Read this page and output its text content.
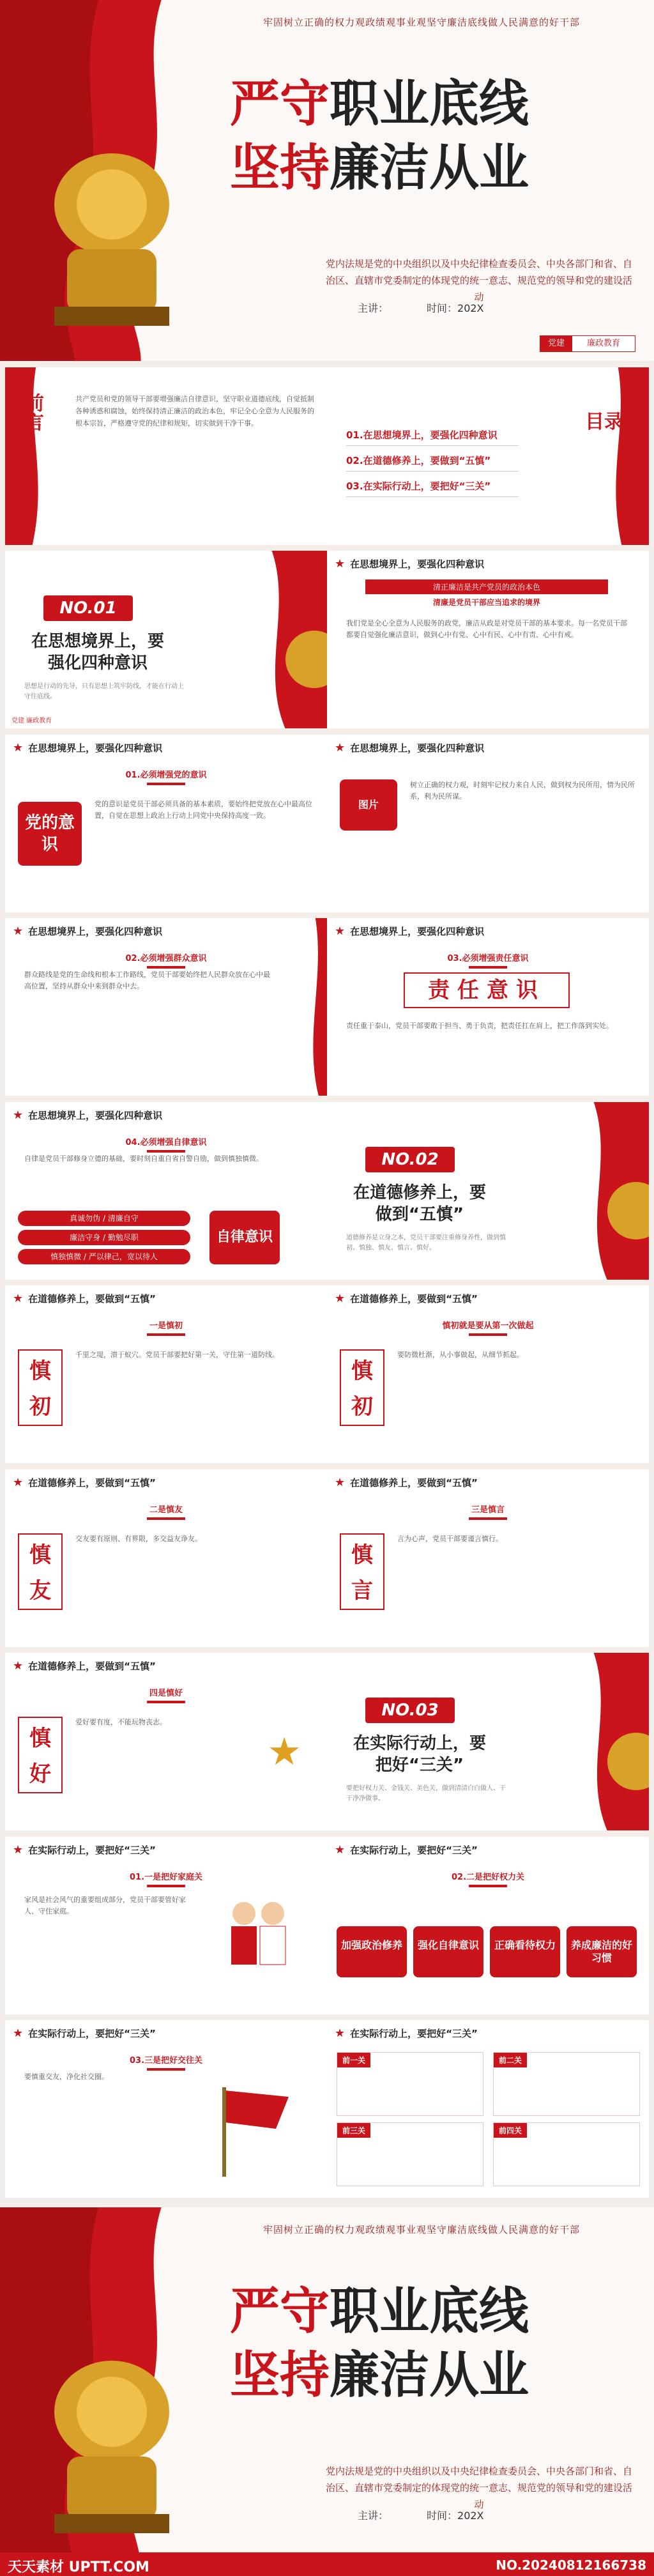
牢固树立正确的权力观政绩观事业观坚守廉洁底线做人民满意的好干部
严守职业底线
坚持廉洁从业
党内法规是党的中央组织以及中央纪律检查委员会、中央各部门和省、自治区、直辖市党委制定的体现党的统一意志、规范党的领导和党的建设活动
主讲：	时间：202X
党建	廉政教育
前言	共产党员和党的领导干部要增强廉洁自律意识，坚守职业道德底线，自觉抵制各种诱惑和腐蚀，始终保持清正廉洁的政治本色，牢记全心全意为人民服务的根本宗旨，严格遵守党的纪律和规矩，切实做到干净干事。	目录
01.在思想境界上，要强化四种意识
02.在道德修养上，要做到“五慎”
03.在实际行动上，要把好“三关”
NO.01
在思想境界上，要强化四种意识
思想是行动的先导，只有思想上筑牢防线，才能在行动上守住底线。
党建 廉政教育
★ 在思想境界上，要强化四种意识
清正廉洁是共产党员的政治本色
清廉是党员干部应当追求的境界
我们党是全心全意为人民服务的政党，廉洁从政是对党员干部的基本要求。每一名党员干部都要自觉强化廉洁意识，做到心中有党、心中有民、心中有责、心中有戒。
★ 在思想境界上，要强化四种意识
01.必须增强党的意识
党的意识
党的意识是党员干部必须具备的基本素质，要始终把党放在心中最高位置，自觉在思想上政治上行动上同党中央保持高度一致。
★ 在思想境界上，要强化四种意识
图片
树立正确的权力观，时刻牢记权力来自人民，做到权为民所用，情为民所系，利为民所谋。
★ 在思想境界上，要强化四种意识
02.必须增强群众意识
群众路线是党的生命线和根本工作路线，党员干部要始终把人民群众放在心中最高位置，坚持从群众中来到群众中去。
★ 在思想境界上，要强化四种意识
03.必须增强责任意识
责任意识
责任重于泰山，党员干部要敢于担当、勇于负责，把责任扛在肩上，把工作落到实处。
★ 在思想境界上，要强化四种意识
04.必须增强自律意识
自律是党员干部修身立德的基础，要时刻自重自省自警自励，做到慎独慎微。
真诚勿伪 / 清廉自守
廉洁守身 / 勤勉尽职
慎独慎微 / 严以律己，宽以待人
自律意识
NO.02
在道德修养上，要做到“五慎”
道德修养是立身之本，党员干部要注重修身养性，做到慎初、慎独、慎友、慎言、慎好。
★ 在道德修养上，要做到“五慎”
一是慎初
慎初
千里之堤，溃于蚁穴。党员干部要把好第一关，守住第一道防线。
★ 在道德修养上，要做到“五慎”
慎初就是要从第一次做起
慎初
要防微杜渐，从小事做起，从细节抓起。
★ 在道德修养上，要做到“五慎”
二是慎友
慎友
交友要有原则、有界限，多交益友诤友。
★ 在道德修养上，要做到“五慎”
三是慎言
慎言
言为心声，党员干部要谨言慎行。
★ 在道德修养上，要做到“五慎”
四是慎好
慎好
爱好要有度，不能玩物丧志。
★
NO.03
在实际行动上，要把好“三关”
要把好权力关、金钱关、美色关，做到清清白白做人、干干净净做事。
★ 在实际行动上，要把好“三关”
01.一是把好家庭关
家风是社会风气的重要组成部分，党员干部要管好家人、守住家庭。
★ 在实际行动上，要把好“三关”
02.二是把好权力关
加强政治修养	强化自律意识	正确看待权力	养成廉洁的好习惯
★ 在实际行动上，要把好“三关”
03.三是把好交往关
要慎重交友，净化社交圈。
★ 在实际行动上，要把好“三关”
前一关	前二关
前三关	前四关
牢固树立正确的权力观政绩观事业观坚守廉洁底线做人民满意的好干部
严守职业底线
坚持廉洁从业
党内法规是党的中央组织以及中央纪律检查委员会、中央各部门和省、自治区、直辖市党委制定的体现党的统一意志、规范党的领导和党的建设活动
主讲：	时间：202X
天天素材 UPTT.COM	NO.20240812166738
